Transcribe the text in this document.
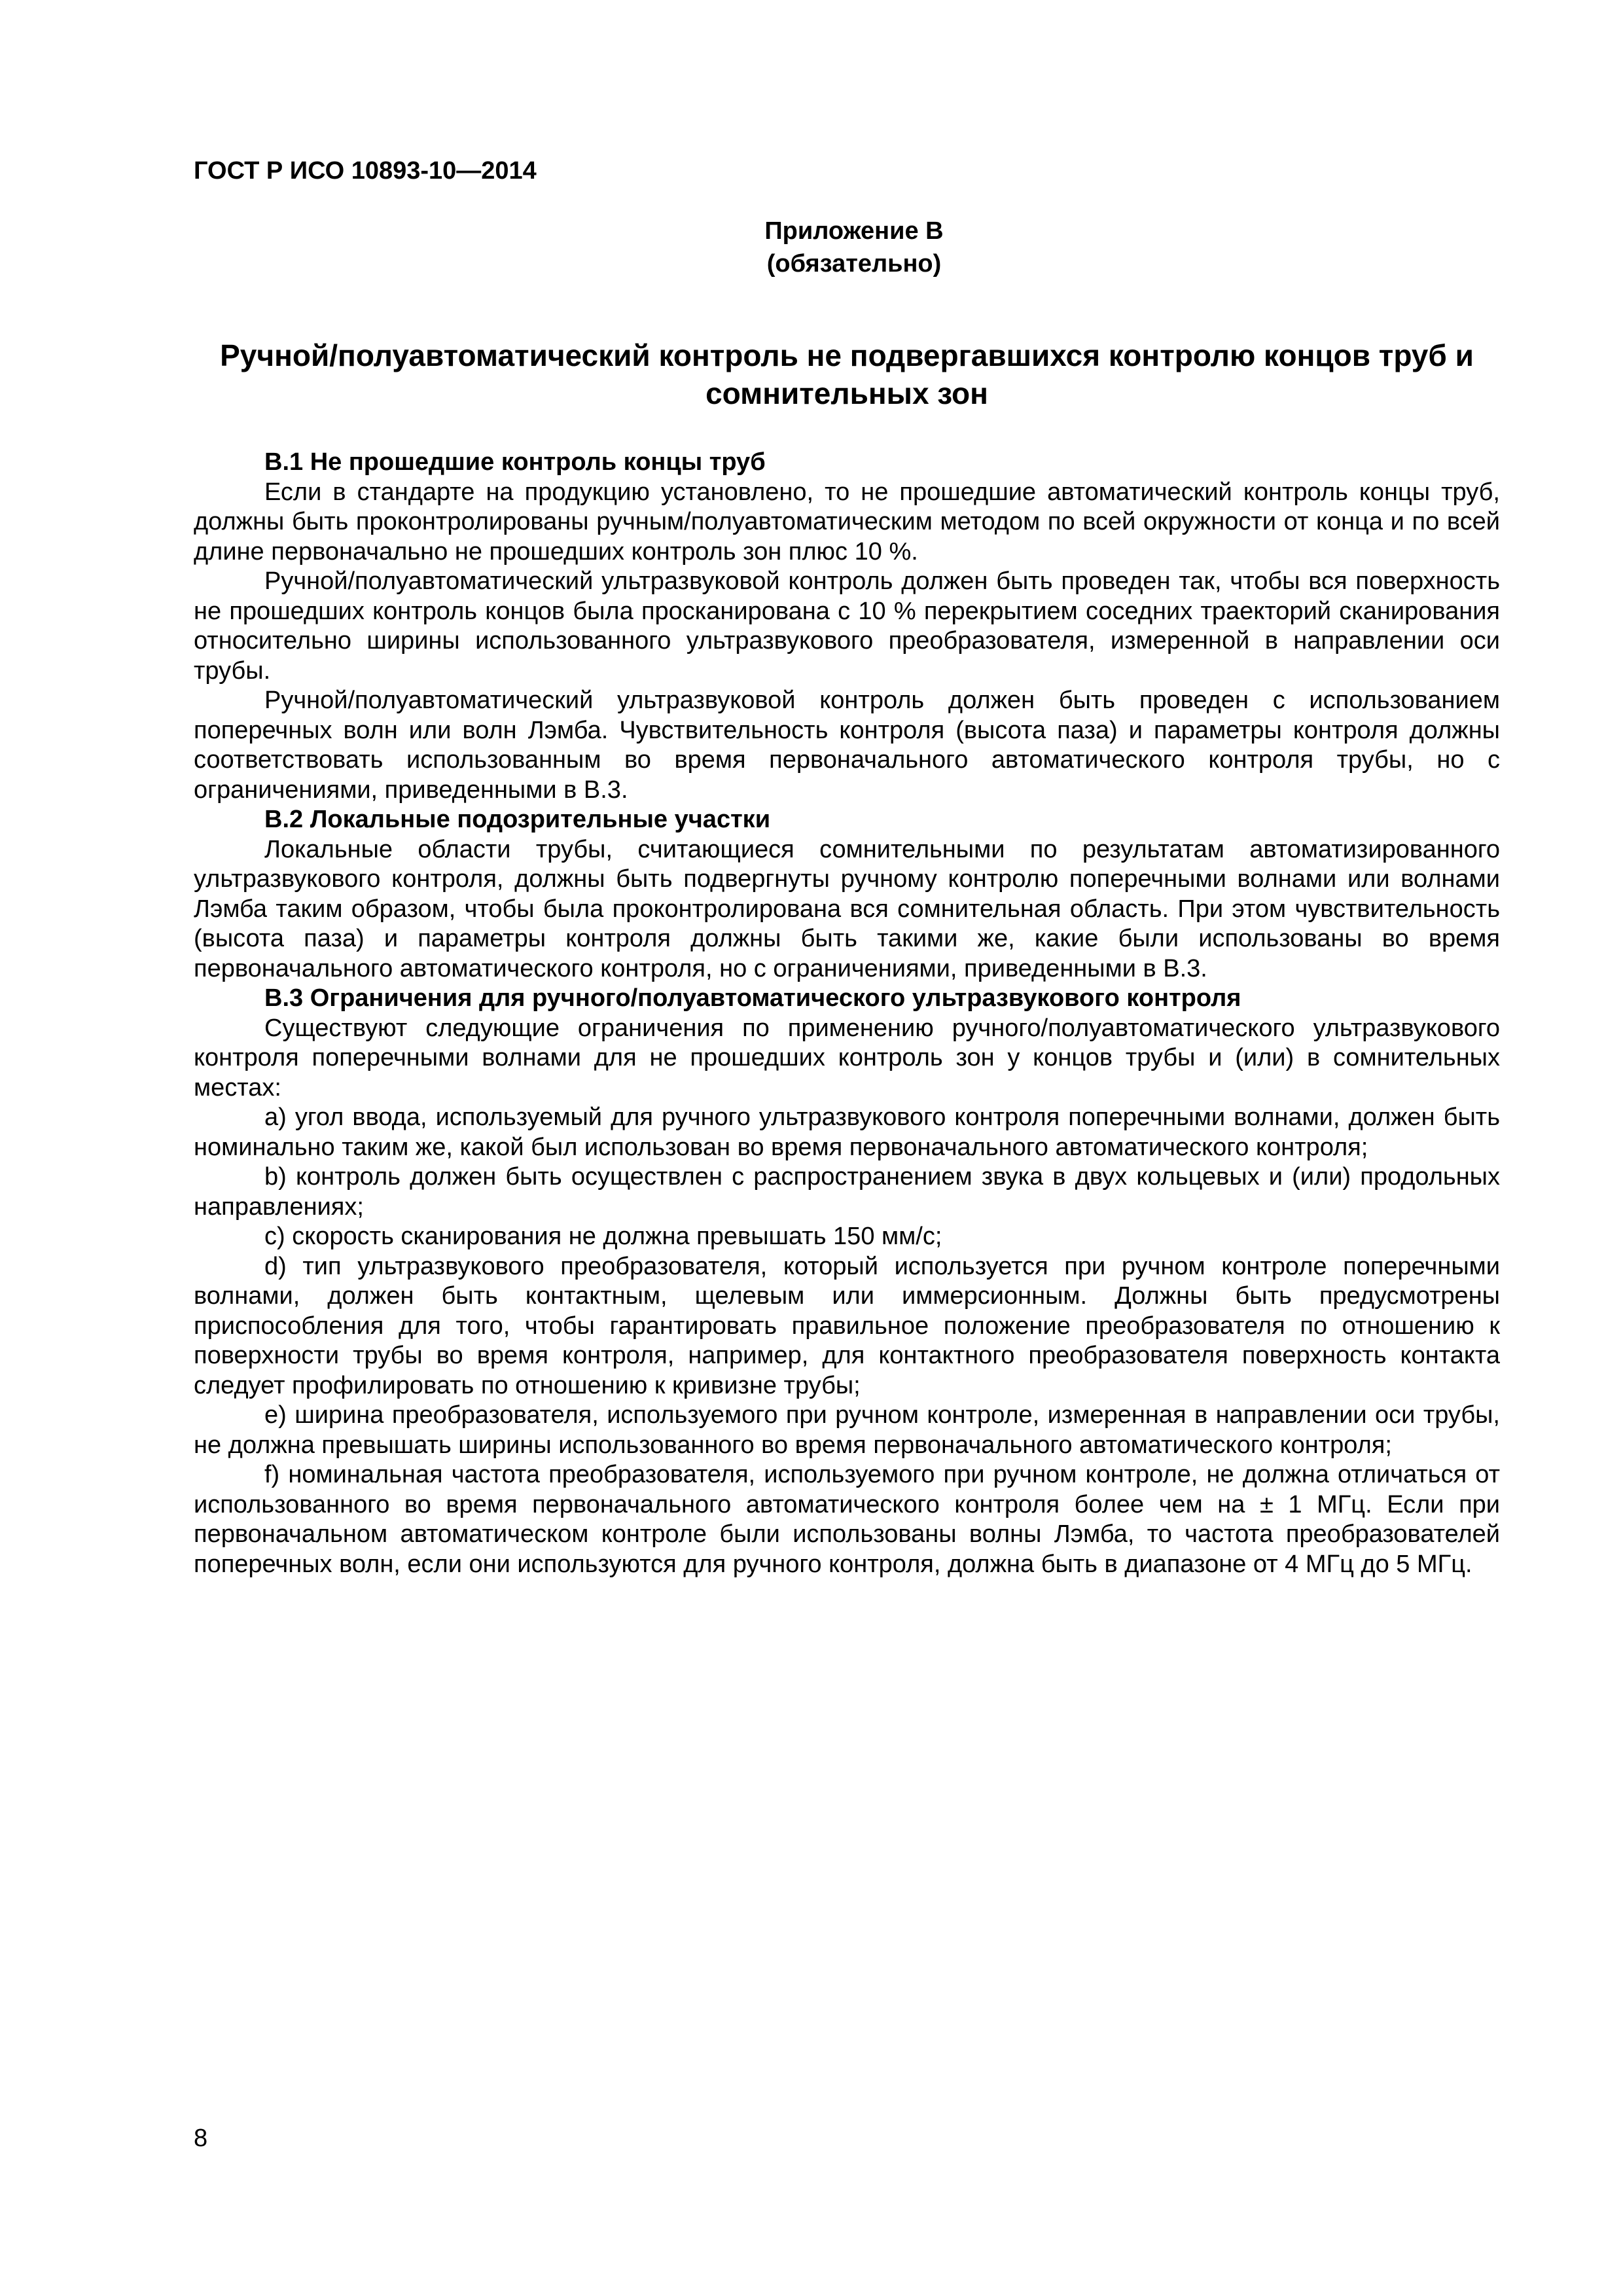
ГОСТ Р ИСО 10893-10—2014
Приложение В
(обязательно)
Ручной/полуавтоматический контроль не подвергавшихся контролю концов труб и сомнительных зон
В.1 Не прошедшие контроль концы труб

Если в стандарте на продукцию установлено, то не прошедшие автоматический контроль концы труб, должны быть проконтролированы ручным/полуавтоматическим методом по всей окружности от конца и по всей длине первоначально не прошедших контроль зон плюс 10 %.

Ручной/полуавтоматический ультразвуковой контроль должен быть проведен так, чтобы вся поверхность не прошедших контроль концов была просканирована с 10 % перекрытием соседних траекторий сканирования относительно ширины использованного ультразвукового преобразователя, измеренной в направлении оси трубы.

Ручной/полуавтоматический ультразвуковой контроль должен быть проведен с использованием поперечных волн или волн Лэмба. Чувствительность контроля (высота паза) и параметры контроля должны соответствовать использованным во время первоначального автоматического контроля трубы, но с ограничениями, приведенными в В.3.

В.2 Локальные подозрительные участки

Локальные области трубы, считающиеся сомнительными по результатам автоматизированного ультразвукового контроля, должны быть подвергнуты ручному контролю поперечными волнами или волнами Лэмба таким образом, чтобы была проконтролирована вся сомнительная область. При этом чувствительность (высота паза) и параметры контроля должны быть такими же, какие были использованы во время первоначального автоматического контроля, но с ограничениями, приведенными в В.3.

В.3 Ограничения для ручного/полуавтоматического ультразвукового контроля

Существуют следующие ограничения по применению ручного/полуавтоматического ультразвукового контроля поперечными волнами для не прошедших контроль зон у концов трубы и (или) в сомнительных местах:

a) угол ввода, используемый для ручного ультразвукового контроля поперечными волнами, должен быть номинально таким же, какой был использован во время первоначального автоматического контроля;

b) контроль должен быть осуществлен с распространением звука в двух кольцевых и (или) продольных направлениях;

c) скорость сканирования не должна превышать 150 мм/с;

d) тип ультразвукового преобразователя, который используется при ручном контроле поперечными волнами, должен быть контактным, щелевым или иммерсионным. Должны быть предусмотрены приспособления для того, чтобы гарантировать правильное положение преобразователя по отношению к поверхности трубы во время контроля, например, для контактного преобразователя поверхность контакта следует профилировать по отношению к кривизне трубы;

e) ширина преобразователя, используемого при ручном контроле, измеренная в направлении оси трубы, не должна превышать ширины использованного во время первоначального автоматического контроля;

f) номинальная частота преобразователя, используемого при ручном контроле, не должна отличаться от использованного во время первоначального автоматического контроля более чем на ± 1 МГц. Если при первоначальном автоматическом контроле были использованы волны Лэмба, то частота преобразователей поперечных волн, если они используются для ручного контроля, должна быть в диапазоне от 4 МГц до 5 МГц.

8
